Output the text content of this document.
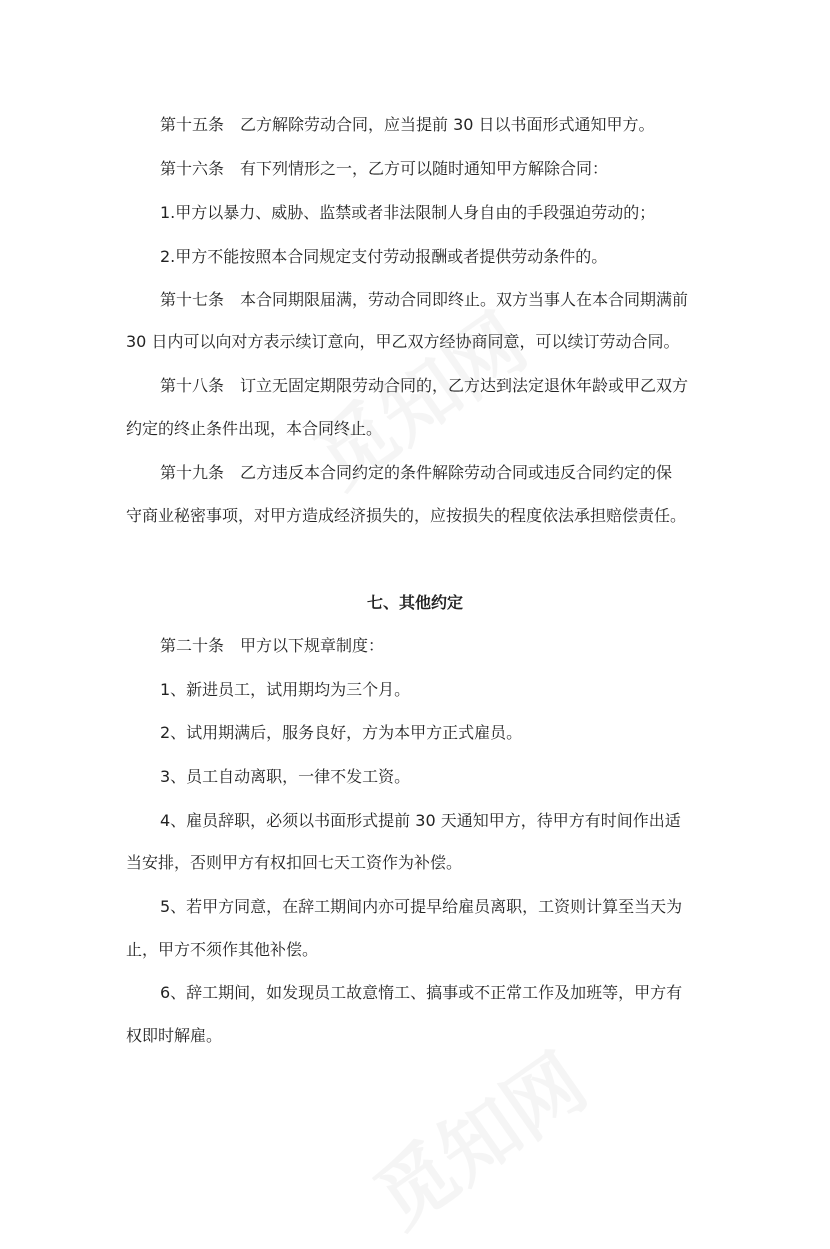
第十五条　乙方解除劳动合同，应当提前 30 日以书面形式通知甲方。
第十六条　有下列情形之一，乙方可以随时通知甲方解除合同：
1.甲方以暴力、威胁、监禁或者非法限制人身自由的手段强迫劳动的；
2.甲方不能按照本合同规定支付劳动报酬或者提供劳动条件的。
第十七条　本合同期限届满，劳动合同即终止。双方当事人在本合同期满前
30 日内可以向对方表示续订意向，甲乙双方经协商同意，可以续订劳动合同。
第十八条　订立无固定期限劳动合同的，乙方达到法定退休年龄或甲乙双方
约定的终止条件出现，本合同终止。
第十九条　乙方违反本合同约定的条件解除劳动合同或违反合同约定的保
守商业秘密事项，对甲方造成经济损失的，应按损失的程度依法承担赔偿责任。
七、其他约定
第二十条　甲方以下规章制度：
1、新进员工，试用期均为三个月。
2、试用期满后，服务良好，方为本甲方正式雇员。
3、员工自动离职，一律不发工资。
4、雇员辞职，必须以书面形式提前 30 天通知甲方，待甲方有时间作出适
当安排，否则甲方有权扣回七天工资作为补偿。
5、若甲方同意，在辞工期间内亦可提早给雇员离职，工资则计算至当天为
止，甲方不须作其他补偿。
6、辞工期间，如发现员工故意惰工、搞事或不正常工作及加班等，甲方有
权即时解雇。
